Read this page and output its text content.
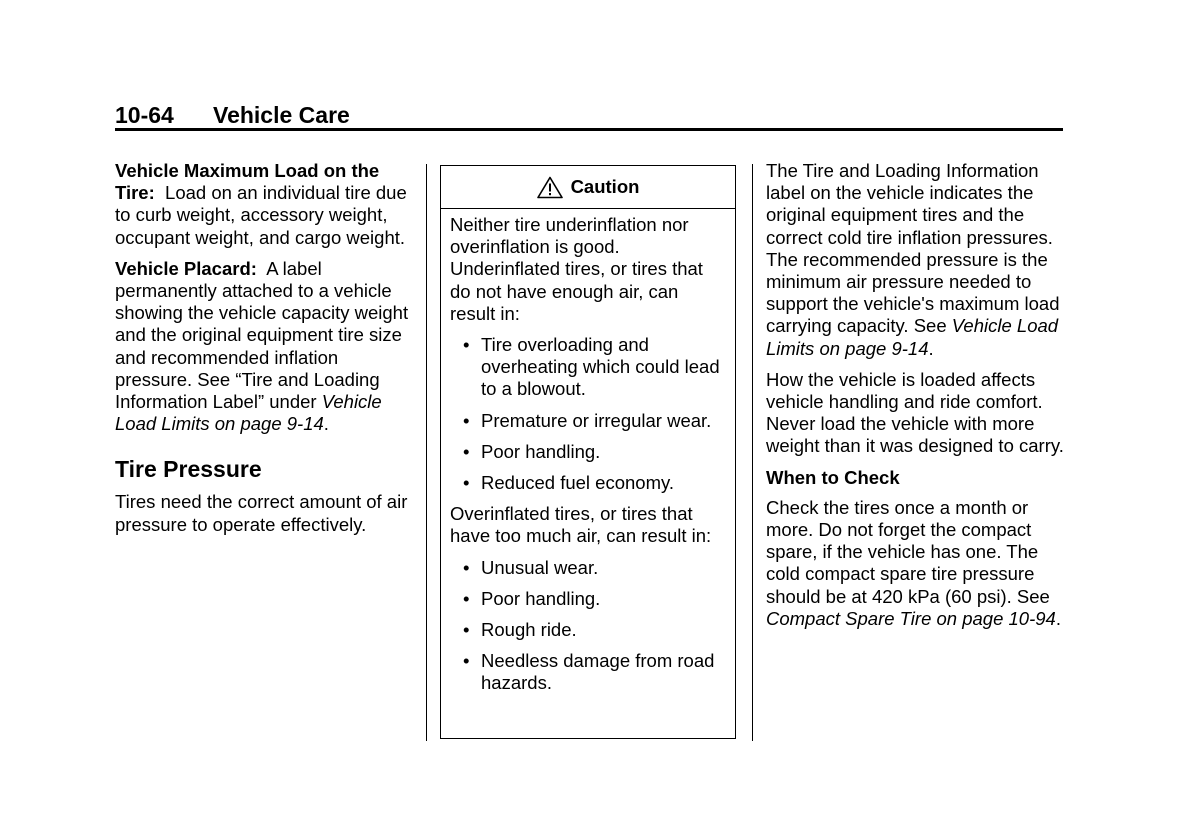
10-64 Vehicle Care

Vehicle Maximum Load on the Tire: Load on an individual tire due to curb weight, accessory weight, occupant weight, and cargo weight.

Vehicle Placard: A label permanently attached to a vehicle showing the vehicle capacity weight and the original equipment tire size and recommended inflation pressure. See “Tire and Loading Information Label” under Vehicle Load Limits on page 9-14.

Tire Pressure

Tires need the correct amount of air pressure to operate effectively.

Caution

Neither tire underinflation nor overinflation is good. Underinflated tires, or tires that do not have enough air, can result in:

• Tire overloading and overheating which could lead to a blowout.
• Premature or irregular wear.
• Poor handling.
• Reduced fuel economy.

Overinflated tires, or tires that have too much air, can result in:

• Unusual wear.
• Poor handling.
• Rough ride.
• Needless damage from road hazards.

The Tire and Loading Information label on the vehicle indicates the original equipment tires and the correct cold tire inflation pressures. The recommended pressure is the minimum air pressure needed to support the vehicle's maximum load carrying capacity. See Vehicle Load Limits on page 9-14.

How the vehicle is loaded affects vehicle handling and ride comfort. Never load the vehicle with more weight than it was designed to carry.

When to Check

Check the tires once a month or more. Do not forget the compact spare, if the vehicle has one. The cold compact spare tire pressure should be at 420 kPa (60 psi). See Compact Spare Tire on page 10-94.
